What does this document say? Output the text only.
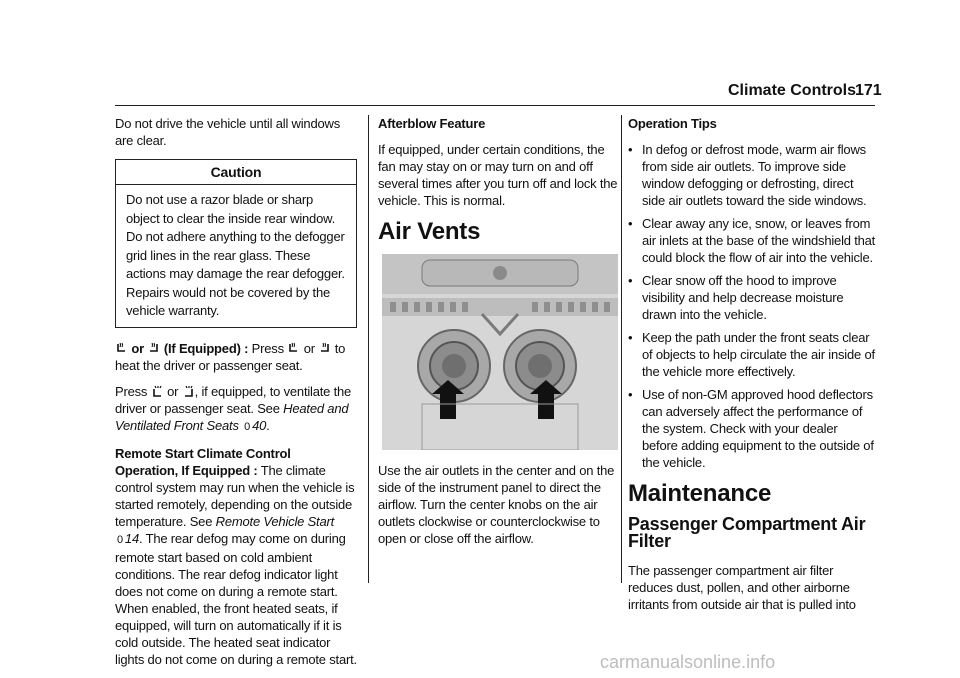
Climate Controls
171

Do not drive the vehicle until all windows are clear.

Caution
Do not use a razor blade or sharp object to clear the inside rear window. Do not adhere anything to the defogger grid lines in the rear glass. These actions may damage the rear defogger. Repairs would not be covered by the vehicle warranty.

or (If Equipped) : Press or to heat the driver or passenger seat.

Press or , if equipped, to ventilate the driver or passenger seat. See Heated and Ventilated Front Seats 0 40.

Remote Start Climate Control Operation, If Equipped : The climate control system may run when the vehicle is started remotely, depending on the outside temperature. See Remote Vehicle Start 0 14. The rear defog may come on during remote start based on cold ambient conditions. The rear defog indicator light does not come on during a remote start. When enabled, the front heated seats, if equipped, will turn on automatically if it is cold outside. The heated seat indicator lights do not come on during a remote start.

Afterblow Feature

If equipped, under certain conditions, the fan may stay on or may turn on and off several times after you turn off and lock the vehicle. This is normal.

Air Vents

Use the air outlets in the center and on the side of the instrument panel to direct the airflow. Turn the center knobs on the air outlets clockwise or counterclockwise to open or close off the airflow.

Operation Tips

• In defog or defrost mode, warm air flows from side air outlets. To improve side window defogging or defrosting, direct side air outlets toward the side windows.
• Clear away any ice, snow, or leaves from air inlets at the base of the windshield that could block the flow of air into the vehicle.
• Clear snow off the hood to improve visibility and help decrease moisture drawn into the vehicle.
• Keep the path under the front seats clear of objects to help circulate the air inside of the vehicle more effectively.
• Use of non-GM approved hood deflectors can adversely affect the performance of the system. Check with your dealer before adding equipment to the outside of the vehicle.
Maintenance
Passenger Compartment Air Filter

The passenger compartment air filter reduces dust, pollen, and other airborne irritants from outside air that is pulled into

carmanualsonline.info
